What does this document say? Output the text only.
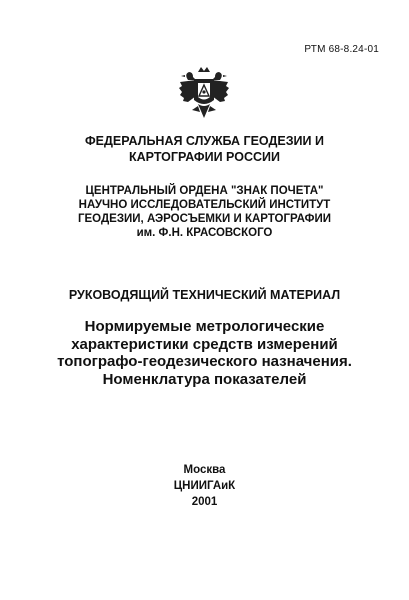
РТМ 68-8.24-01
ФЕДЕРАЛЬНАЯ СЛУЖБА ГЕОДЕЗИИ И
КАРТОГРАФИИ РОССИИ
ЦЕНТРАЛЬНЫЙ ОРДЕНА "ЗНАК ПОЧЕТА"
НАУЧНО ИССЛЕДОВАТЕЛЬСКИЙ ИНСТИТУТ
ГЕОДЕЗИИ, АЭРОСЪЕМКИ И КАРТОГРАФИИ
им. Ф.Н. КРАСОВСКОГО
РУКОВОДЯЩИЙ ТЕХНИЧЕСКИЙ МАТЕРИАЛ
Нормируемые метрологические
характеристики средств измерений
топографо-геодезического назначения.
Номенклатура показателей
Москва
ЦНИИГАиК
2001
